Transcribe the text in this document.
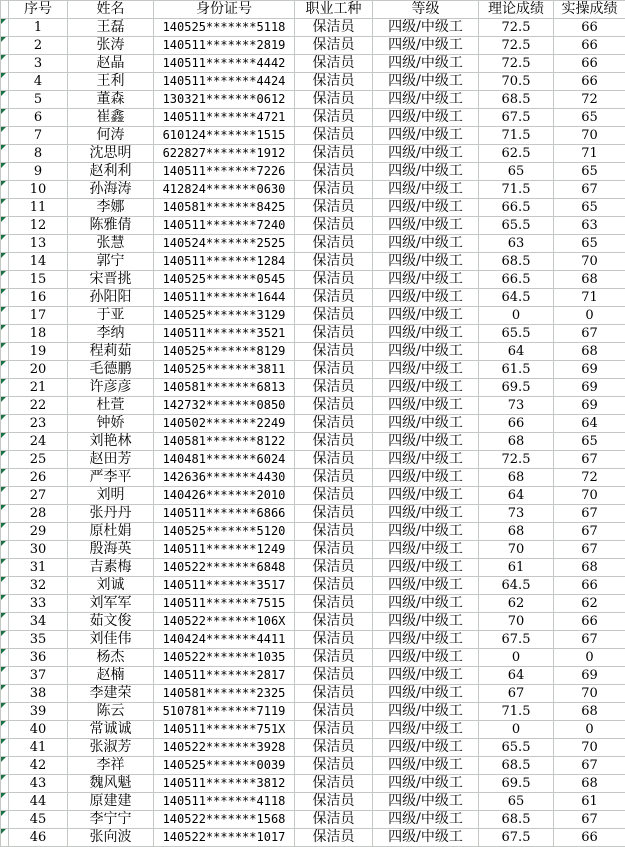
	序号	姓名	身份证号	职业工种	等级	理论成绩	实操成绩

	1	王磊	140525*******5118	保洁员	四级/中级工	72.5	66

	2	张涛	140511*******2819	保洁员	四级/中级工	72.5	66

	3	赵晶	140511*******4442	保洁员	四级/中级工	72.5	66

	4	王利	140511*******4424	保洁员	四级/中级工	70.5	66

	5	董森	130321*******0612	保洁员	四级/中级工	68.5	72

	6	崔鑫	140511*******4721	保洁员	四级/中级工	67.5	65

	7	何涛	610124*******1515	保洁员	四级/中级工	71.5	70

	8	沈思明	622827*******1912	保洁员	四级/中级工	62.5	71

	9	赵利利	140511*******7226	保洁员	四级/中级工	65	65

	10	孙海涛	412824*******0630	保洁员	四级/中级工	71.5	67

	11	李娜	140581*******8425	保洁员	四级/中级工	66.5	65

	12	陈雅倩	140511*******7240	保洁员	四级/中级工	65.5	63

	13	张慧	140524*******2525	保洁员	四级/中级工	63	65

	14	郭宁	140511*******1284	保洁员	四级/中级工	68.5	70

	15	宋晋挑	140525*******0545	保洁员	四级/中级工	66.5	68

	16	孙阳阳	140511*******1644	保洁员	四级/中级工	64.5	71

	17	于亚	140525*******3129	保洁员	四级/中级工	0	0

	18	李纳	140511*******3521	保洁员	四级/中级工	65.5	67

	19	程莉茹	140525*******8129	保洁员	四级/中级工	64	68

	20	毛德鹏	140525*******3811	保洁员	四级/中级工	61.5	69

	21	许彦彦	140581*******6813	保洁员	四级/中级工	69.5	69

	22	杜萱	142732*******0850	保洁员	四级/中级工	73	69

	23	钟娇	140502*******2249	保洁员	四级/中级工	66	64

	24	刘艳林	140581*******8122	保洁员	四级/中级工	68	65

	25	赵田芳	140481*******6024	保洁员	四级/中级工	72.5	67

	26	严李平	142636*******4430	保洁员	四级/中级工	68	72

	27	刘明	140426*******2010	保洁员	四级/中级工	64	70

	28	张丹丹	140511*******6866	保洁员	四级/中级工	73	67

	29	原杜娟	140525*******5120	保洁员	四级/中级工	68	67

	30	殷海英	140511*******1249	保洁员	四级/中级工	70	67

	31	吉素梅	140522*******6848	保洁员	四级/中级工	61	68

	32	刘诚	140511*******3517	保洁员	四级/中级工	64.5	66

	33	刘军军	140511*******7515	保洁员	四级/中级工	62	62

	34	茹文俊	140522*******106X	保洁员	四级/中级工	70	66

	35	刘佳伟	140424*******4411	保洁员	四级/中级工	67.5	67

	36	杨杰	140522*******1035	保洁员	四级/中级工	0	0

	37	赵楠	140511*******2817	保洁员	四级/中级工	64	69

	38	李建荣	140581*******2325	保洁员	四级/中级工	67	70

	39	陈云	510781*******7119	保洁员	四级/中级工	71.5	68

	40	常诚诚	140511*******751X	保洁员	四级/中级工	0	0

	41	张淑芳	140522*******3928	保洁员	四级/中级工	65.5	70

	42	李祥	140525*******0039	保洁员	四级/中级工	68.5	67

	43	魏风魁	140511*******3812	保洁员	四级/中级工	69.5	68

	44	原建建	140511*******4118	保洁员	四级/中级工	65	61

	45	李宁宁	140522*******1568	保洁员	四级/中级工	68.5	67

	46	张向波	140522*******1017	保洁员	四级/中级工	67.5	66
